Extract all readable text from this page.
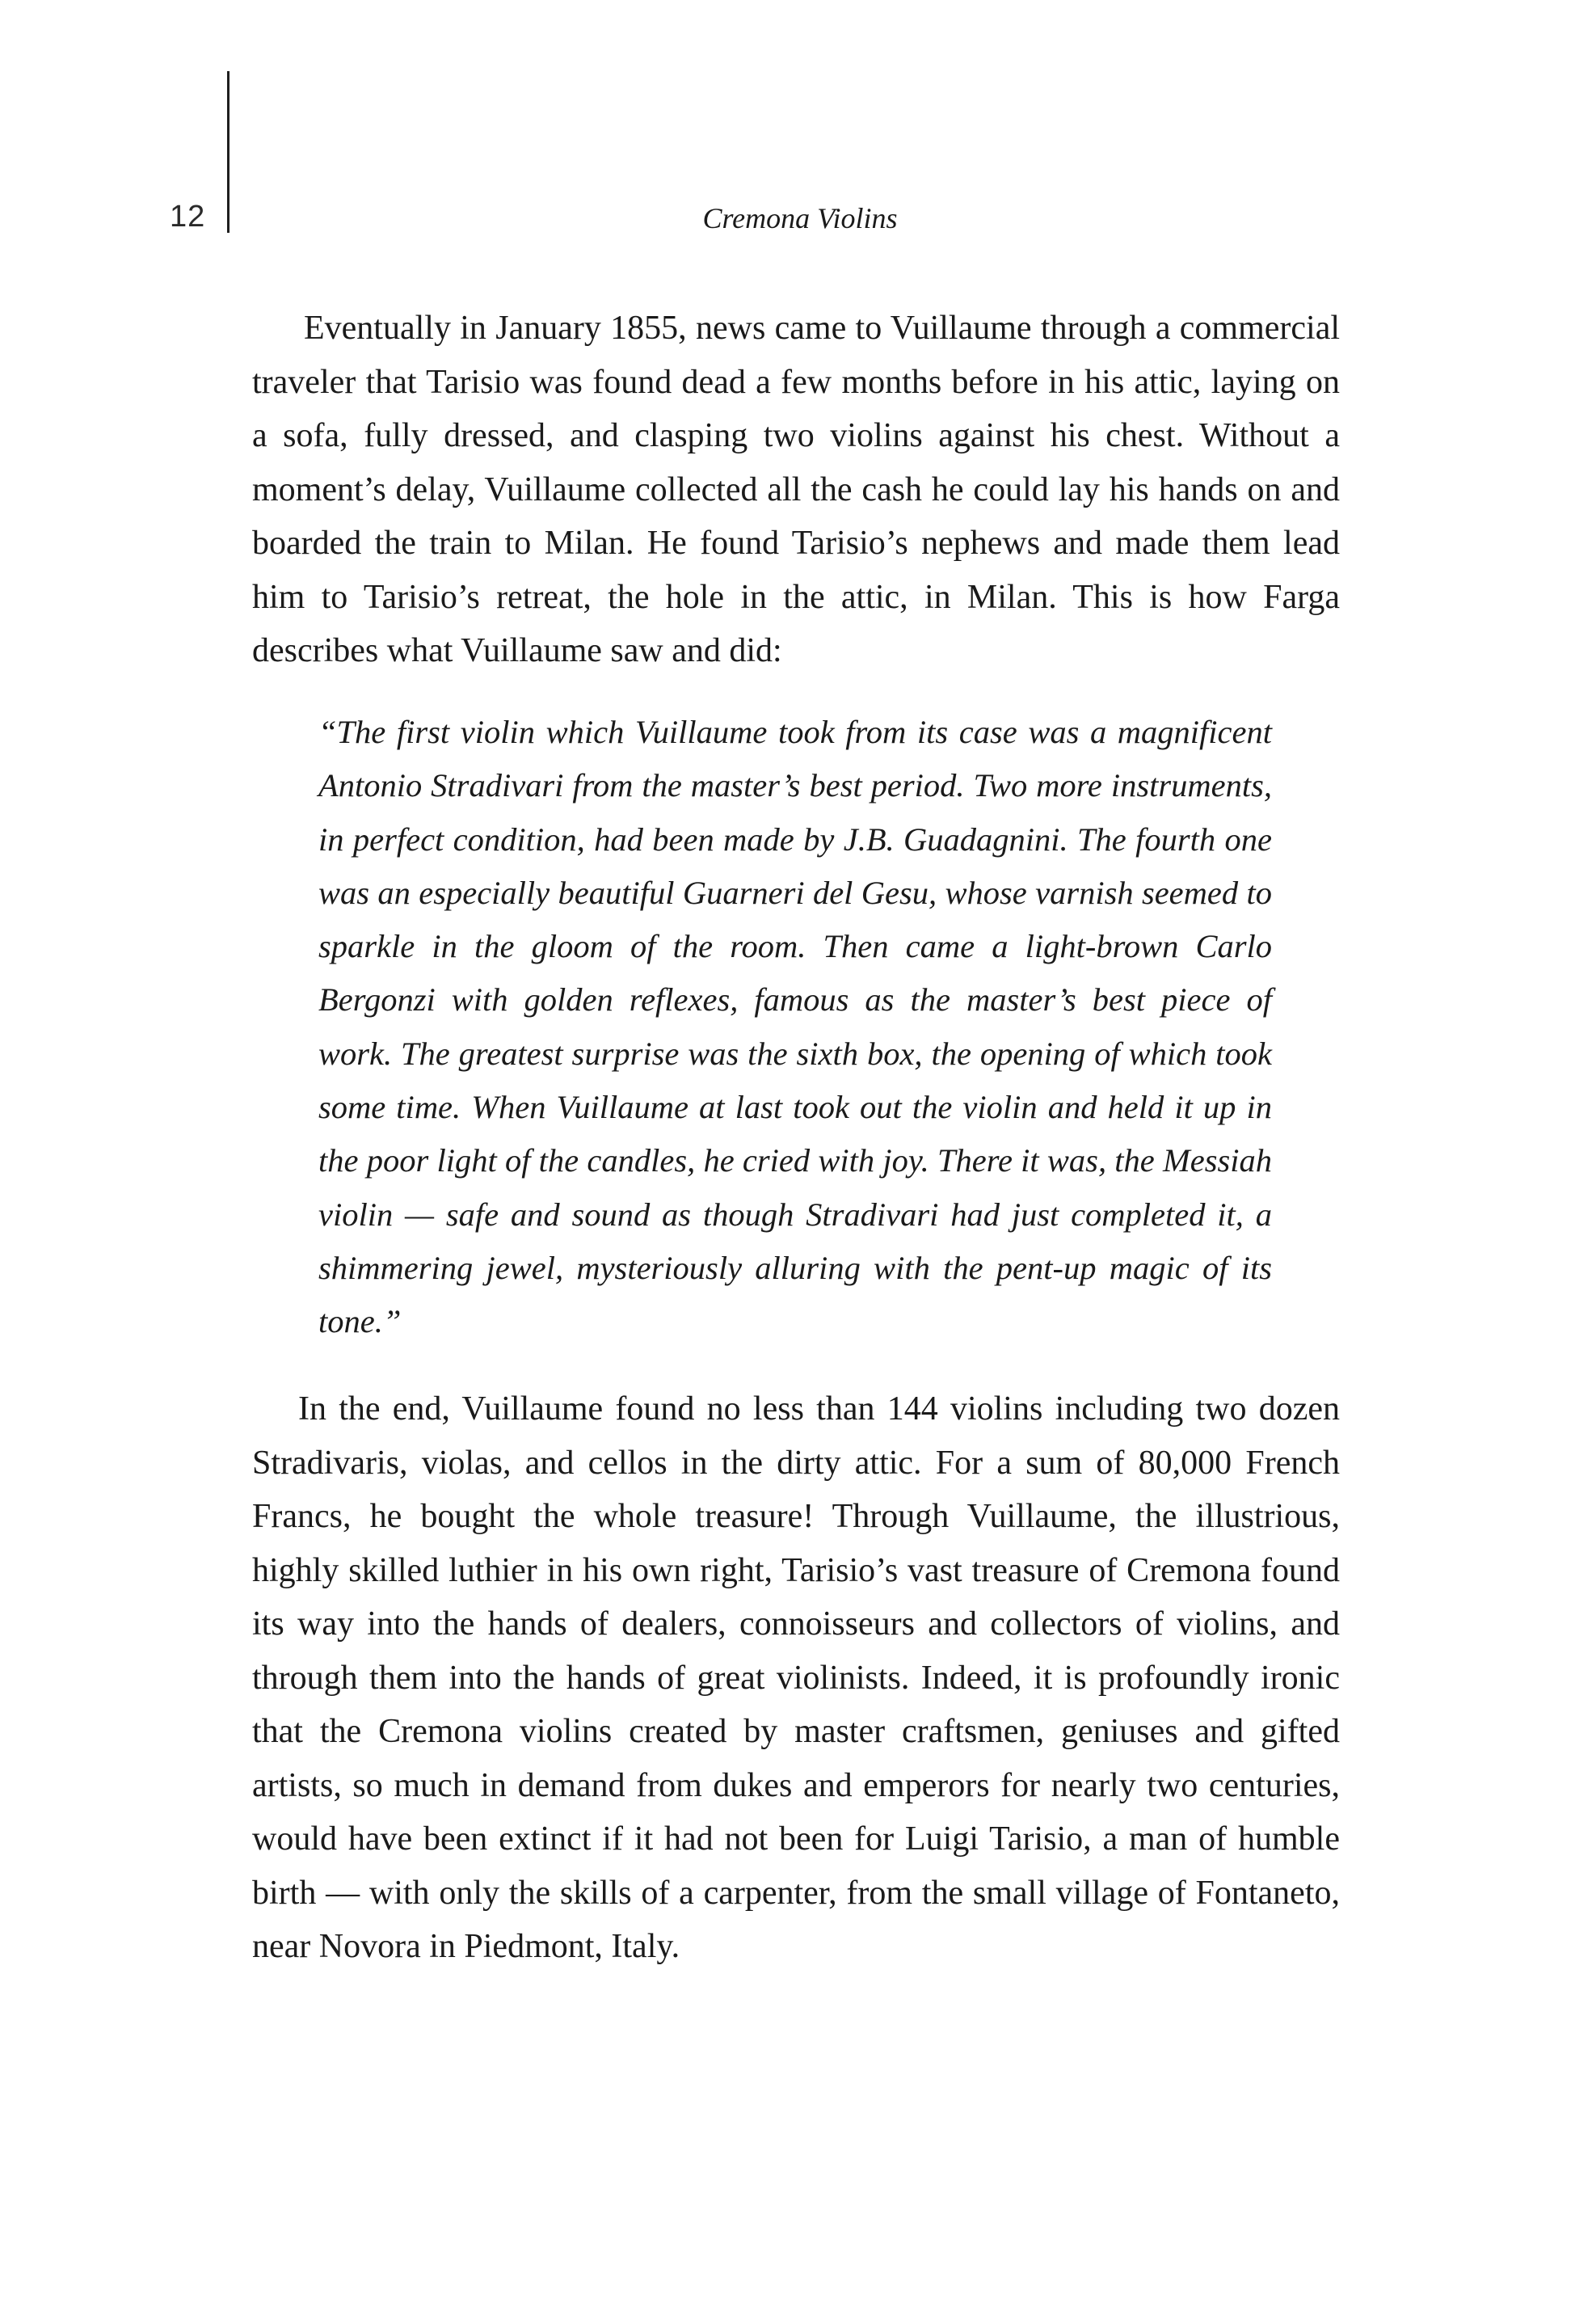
12	Cremona Violins

Eventually in January 1855, news came to Vuillaume through a commercial traveler that Tarisio was found dead a few months before in his attic, laying on a sofa, fully dressed, and clasping two violins against his chest. Without a moment’s delay, Vuillaume collected all the cash he could lay his hands on and boarded the train to Milan. He found Tarisio’s nephews and made them lead him to Tarisio’s retreat, the hole in the attic, in Milan. This is how Farga describes what Vuillaume saw and did:

“The first violin which Vuillaume took from its case was a magnificent Antonio Stradivari from the master’s best period. Two more instruments, in perfect condition, had been made by J.B. Guadagnini. The fourth one was an especially beautiful Guarneri del Gesu, whose varnish seemed to sparkle in the gloom of the room. Then came a light-brown Carlo Bergonzi with golden reflexes, famous as the master’s best piece of work. The greatest surprise was the sixth box, the opening of which took some time. When Vuillaume at last took out the violin and held it up in the poor light of the candles, he cried with joy. There it was, the Messiah violin — safe and sound as though Stradivari had just completed it, a shimmering jewel, mysteriously alluring with the pent-up magic of its tone.”

In the end, Vuillaume found no less than 144 violins including two dozen Stradivaris, violas, and cellos in the dirty attic. For a sum of 80,000 French Francs, he bought the whole treasure! Through Vuillaume, the illustrious, highly skilled luthier in his own right, Tarisio’s vast treasure of Cremona found its way into the hands of dealers, connoisseurs and collectors of violins, and through them into the hands of great violinists. Indeed, it is profoundly ironic that the Cremona violins created by master craftsmen, geniuses and gifted artists, so much in demand from dukes and emperors for nearly two centuries, would have been extinct if it had not been for Luigi Tarisio, a man of humble birth — with only the skills of a carpenter, from the small village of Fontaneto, near Novora in Piedmont, Italy.
